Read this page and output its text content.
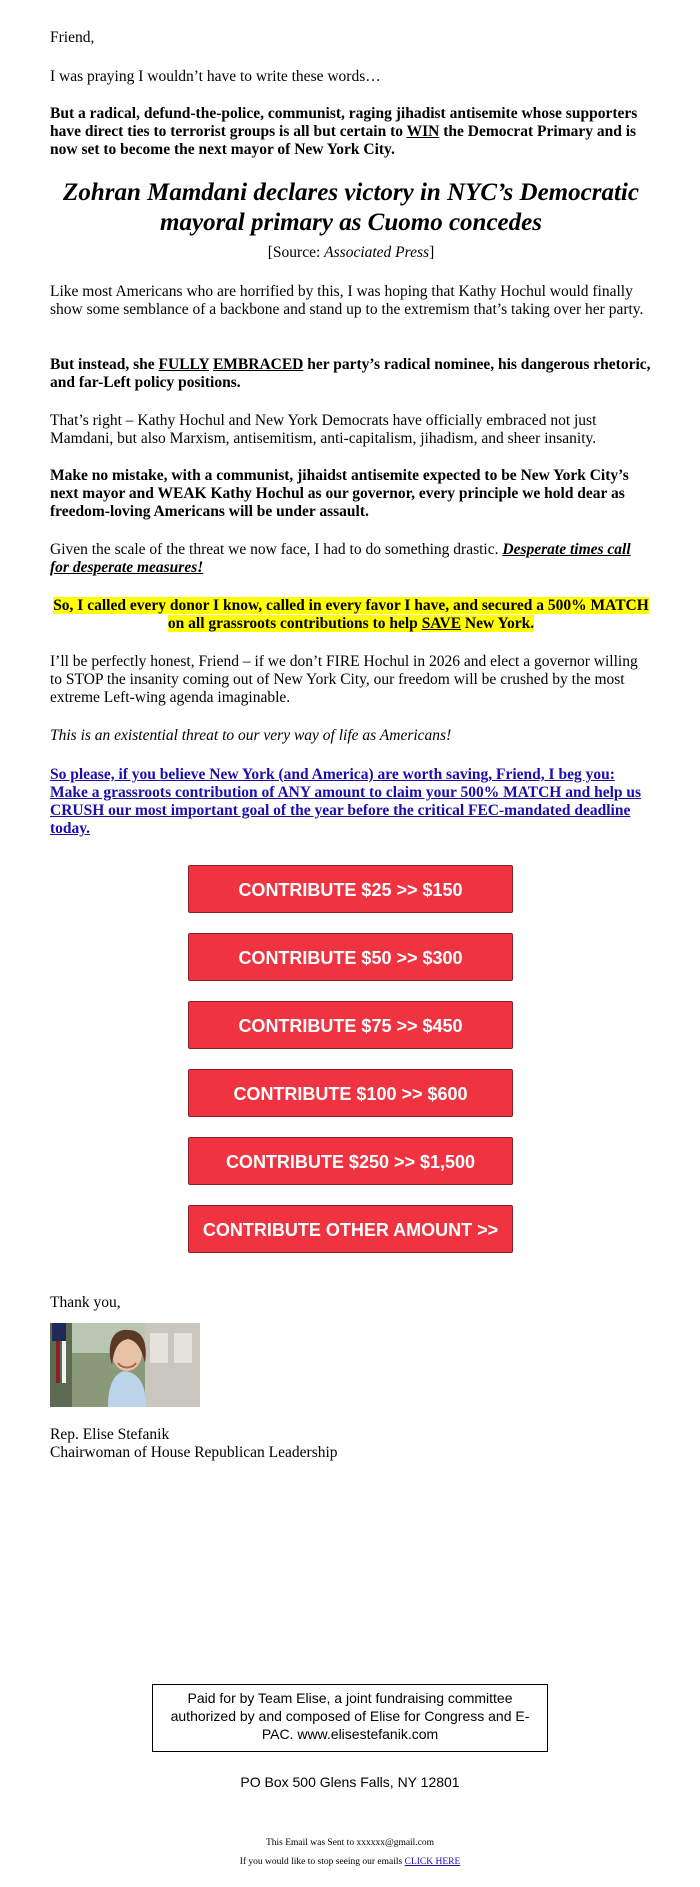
Friend,
I was praying I wouldn’t have to write these words…
But a radical, defund-the-police, communist, raging jihadist antisemite whose supporters have direct ties to terrorist groups is all but certain to WIN the Democrat Primary and is now set to become the next mayor of New York City.
Zohran Mamdani declares victory in NYC’s Democratic mayoral primary as Cuomo concedes
[Source: Associated Press]
Like most Americans who are horrified by this, I was hoping that Kathy Hochul would finally show some semblance of a backbone and stand up to the extremism that’s taking over her party.
But instead, she FULLY EMBRACED her party’s radical nominee, his dangerous rhetoric, and far-Left policy positions.
That’s right – Kathy Hochul and New York Democrats have officially embraced not just Mamdani, but also Marxism, antisemitism, anti-capitalism, jihadism, and sheer insanity.
Make no mistake, with a communist, jihaidst antisemite expected to be New York City’s next mayor and WEAK Kathy Hochul as our governor, every principle we hold dear as freedom-loving Americans will be under assault.
Given the scale of the threat we now face, I had to do something drastic. Desperate times call for desperate measures!
So, I called every donor I know, called in every favor I have, and secured a 500% MATCH on all grassroots contributions to help SAVE New York.
I’ll be perfectly honest, Friend – if we don’t FIRE Hochul in 2026 and elect a governor willing to STOP the insanity coming out of New York City, our freedom will be crushed by the most extreme Left-wing agenda imaginable.
This is an existential threat to our very way of life as Americans!
So please, if you believe New York (and America) are worth saving, Friend, I beg you: Make a grassroots contribution of ANY amount to claim your 500% MATCH and help us CRUSH our most important goal of the year before the critical FEC-mandated deadline today.
CONTRIBUTE $25 >> $150
CONTRIBUTE $50 >> $300
CONTRIBUTE $75 >> $450
CONTRIBUTE $100 >> $600
CONTRIBUTE $250 >> $1,500
CONTRIBUTE OTHER AMOUNT >>
Thank you,
Rep. Elise Stefanik
Chairwoman of House Republican Leadership
Paid for by Team Elise, a joint fundraising committee authorized by and composed of Elise for Congress and E-PAC. www.elisestefanik.com
PO Box 500 Glens Falls, NY 12801
This Email was Sent to xxxxxx@gmail.com
If you would like to stop seeing our emails CLICK HERE
